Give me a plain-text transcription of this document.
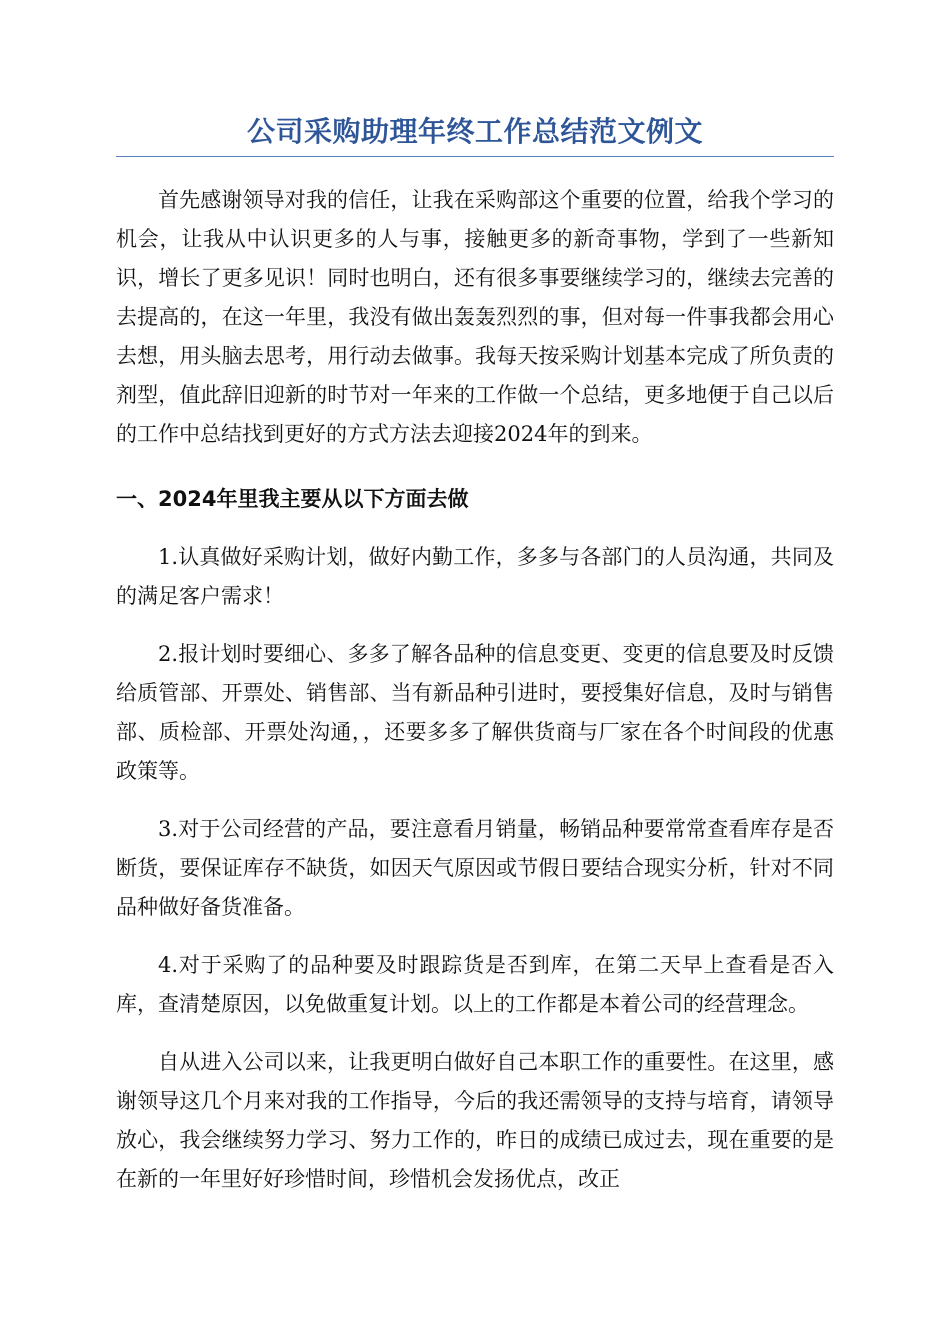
公司采购助理年终工作总结范文例文

首先感谢领导对我的信任，让我在采购部这个重要的位置，给我个学习的机会，让我从中认识更多的人与事，接触更多的新奇事物，学到了一些新知识，增长了更多见识！同时也明白，还有很多事要继续学习的，继续去完善的去提高的，在这一年里，我没有做出轰轰烈烈的事，但对每一件事我都会用心去想，用头脑去思考，用行动去做事。我每天按采购计划基本完成了所负责的剂型，值此辞旧迎新的时节对一年来的工作做一个总结，更多地便于自己以后的工作中总结找到更好的方式方法去迎接2024年的到来。

一、2024年里我主要从以下方面去做

1.认真做好采购计划，做好内勤工作，多多与各部门的人员沟通，共同及的满足客户需求！

2.报计划时要细心、多多了解各品种的信息变更、变更的信息要及时反馈给质管部、开票处、销售部、当有新品种引进时，要授集好信息，及时与销售部、质检部、开票处沟通，，还要多多了解供货商与厂家在各个时间段的优惠政策等。

3.对于公司经营的产品，要注意看月销量，畅销品种要常常查看库存是否断货，要保证库存不缺货，如因天气原因或节假日要结合现实分析，针对不同品种做好备货准备。

4.对于采购了的品种要及时跟踪货是否到库，在第二天早上查看是否入库，查清楚原因，以免做重复计划。以上的工作都是本着公司的经营理念。

自从进入公司以来，让我更明白做好自己本职工作的重要性。在这里，感谢领导这几个月来对我的工作指导，今后的我还需领导的支持与培育，请领导放心，我会继续努力学习、努力工作的，昨日的成绩已成过去，现在重要的是在新的一年里好好珍惜时间，珍惜机会发扬优点，改正
